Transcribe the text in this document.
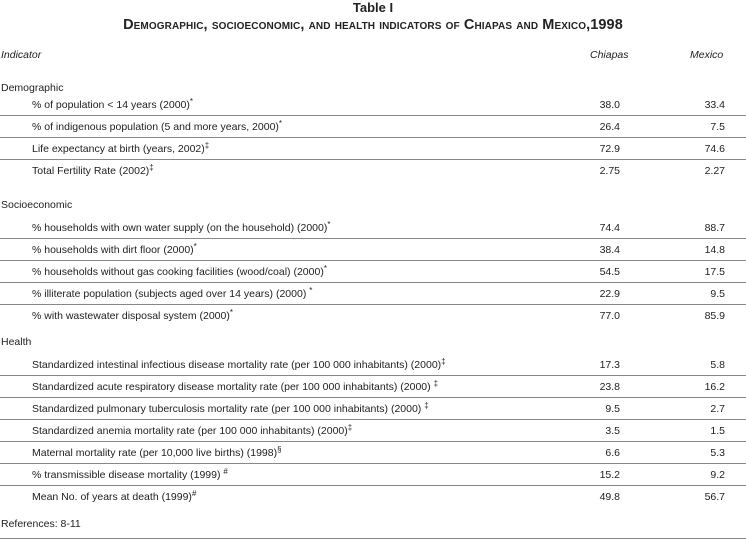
Table I
Demographic, socioeconomic, and health indicators of Chiapas and Mexico,1998
Indicator	Chiapas	Mexico
Demographic
% of population < 14 years (2000)*	38.0	33.4
% of indigenous population (5 and more years, 2000)*	26.4	7.5
Life expectancy at birth (years, 2002)‡	72.9	74.6
Total Fertility Rate (2002)‡	2.75	2.27
Socioeconomic
% households with own water supply (on the household) (2000)*	74.4	88.7
% households with dirt floor (2000)*	38.4	14.8
% households without gas cooking facilities (wood/coal) (2000)*	54.5	17.5
% illiterate population (subjects aged over 14 years) (2000) *	22.9	9.5
% with wastewater disposal system (2000)*	77.0	85.9
Health
Standardized intestinal infectious disease mortality rate (per 100 000 inhabitants) (2000)‡	17.3	5.8
Standardized acute respiratory disease mortality rate (per 100 000 inhabitants) (2000) ‡	23.8	16.2
Standardized pulmonary tuberculosis mortality rate (per 100 000 inhabitants) (2000) ‡	9.5	2.7
Standardized anemia mortality rate (per 100 000 inhabitants) (2000)‡	3.5	1.5
Maternal mortality rate (per 10,000 live births) (1998)§	6.6	5.3
% transmissible disease mortality (1999) #	15.2	9.2
Mean No. of years at death (1999)#	49.8	56.7
References: 8-11
